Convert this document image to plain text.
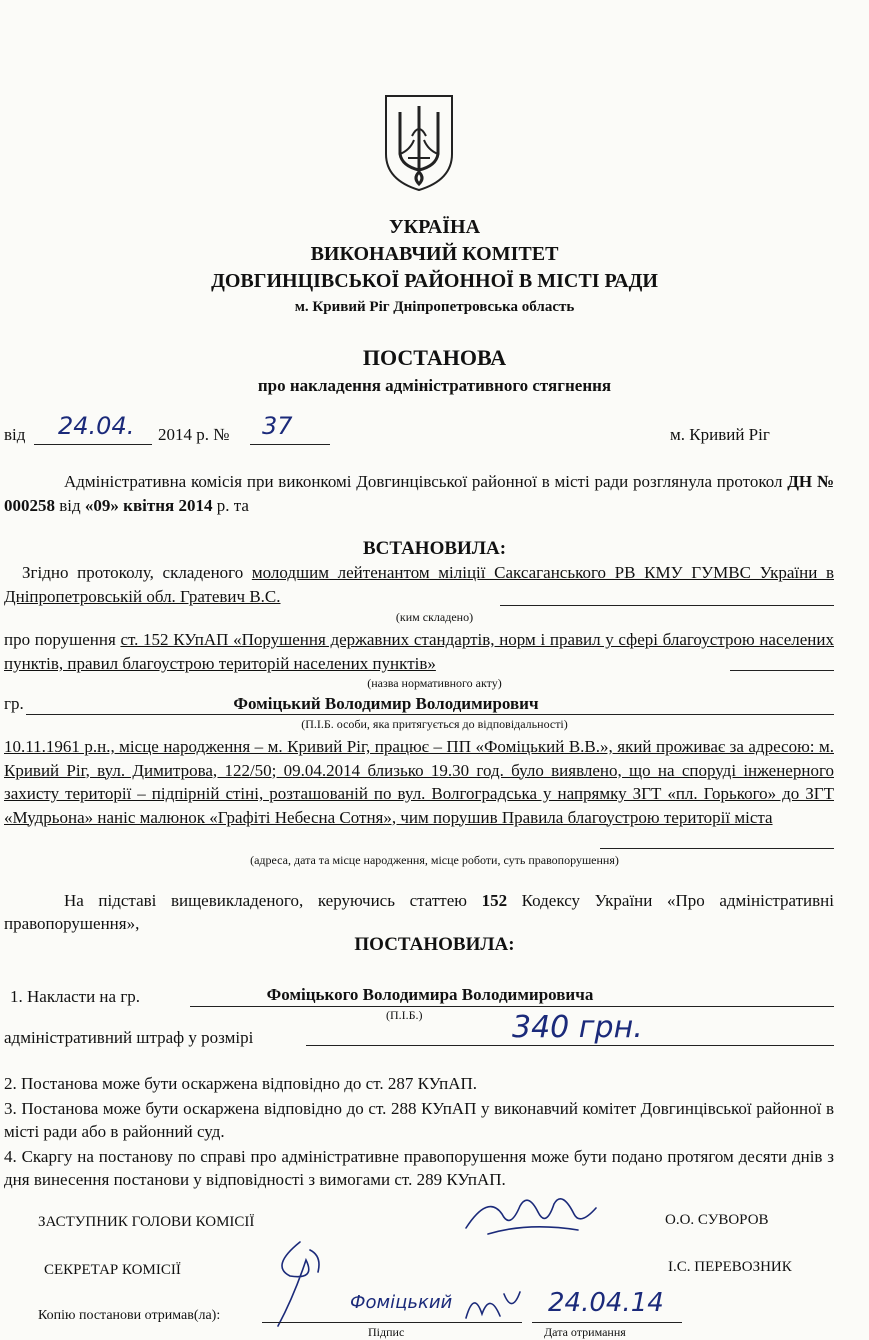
УКРАЇНА
ВИКОНАВЧИЙ КОМІТЕТ
ДОВГИНЦІВСЬКОЇ РАЙОННОЇ В МІСТІ РАДИ
м. Кривий Ріг Дніпропетровська область
ПОСТАНОВА
про накладення адміністративного стягнення
від 24.04. 2014 р. № 37	м. Кривий Ріг
Адміністративна комісія при виконкомі Довгинцівської районної в місті ради розглянула протокол ДН № 000258 від «09» квітня 2014 р. та
ВСТАНОВИЛА:
Згідно протоколу, складеного молодшим лейтенантом міліції Саксаганського РВ КМУ ГУМВС України в Дніпропетровській обл. Гратевич В.С.
(ким складено)
про порушення ст. 152 КУпАП «Порушення державних стандартів, норм і правил у сфері благоустрою населених пунктів, правил благоустрою територій населених пунктів»
(назва нормативного акту)
гр.	Фоміцький Володимир Володимирович
(П.І.Б. особи, яка притягується до відповідальності)
10.11.1961 р.н., місце народження – м. Кривий Ріг, працює – ПП «Фоміцький В.В.», який проживає за адресою: м. Кривий Ріг, вул. Димитрова, 122/50; 09.04.2014 близько 19.30 год. було виявлено, що на споруді інженерного захисту території – підпірній стіні, розташованій по вул. Волгоградська у напрямку ЗГТ «пл. Горького» до ЗГТ «Мудрьона» наніс малюнок «Графіті Небесна Сотня», чим порушив Правила благоустрою території міста
(адреса, дата та місце народження, місце роботи, суть правопорушення)
На підставі вищевикладеного, керуючись статтею 152 Кодексу України «Про адміністративні правопорушення»,
ПОСТАНОВИЛА:
1. Накласти на гр.	Фоміцького Володимира Володимировича
(П.І.Б.)
адміністративний штраф у розмірі	340 грн.
2. Постанова може бути оскаржена відповідно до ст. 287 КУпАП.
3. Постанова може бути оскаржена відповідно до ст. 288 КУпАП у виконавчий комітет Довгинцівської районної в місті ради або в районний суд.
4. Скаргу на постанову по справі про адміністративне правопорушення може бути подано протягом десяти днів з дня винесення постанови у відповідності з вимогами ст. 289 КУпАП.
ЗАСТУПНИК ГОЛОВИ КОМІСІЇ	О.О. СУВОРОВ
СЕКРЕТАР КОМІСІЇ	І.С. ПЕРЕВОЗНИК
Копію постанови отримав(ла):
Фоміцький	24.04.14
Підпис	Дата отримання
